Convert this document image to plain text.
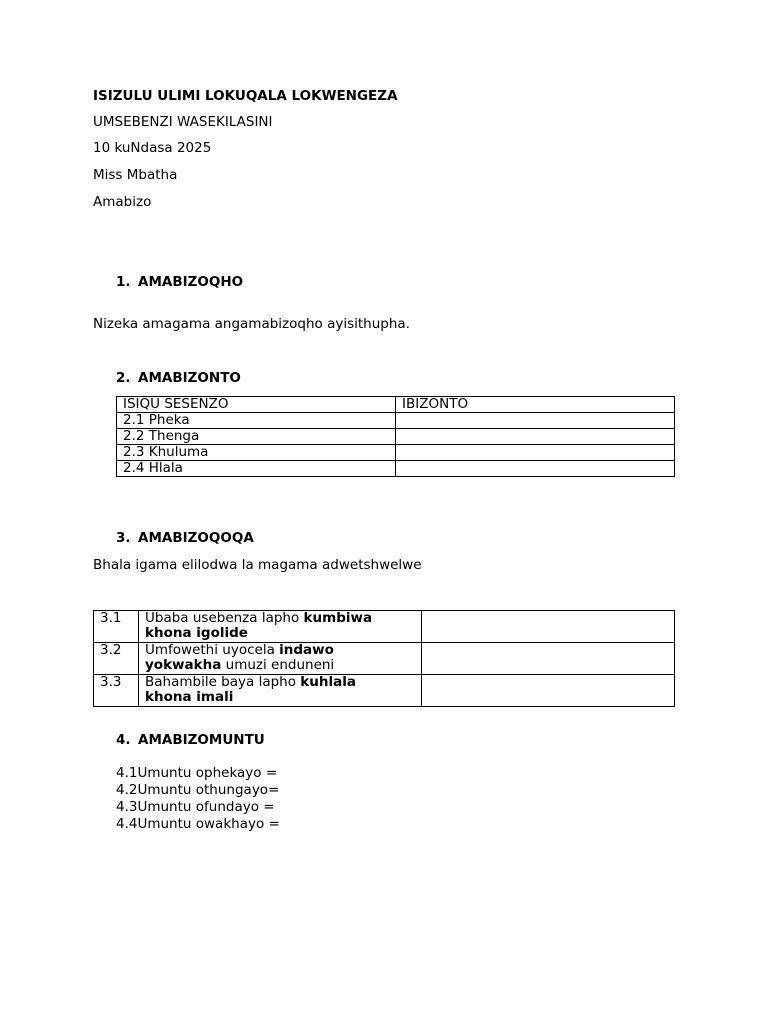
ISIZULU ULIMI LOKUQALA LOKWENGEZA
UMSEBENZI WASEKILASINI
10 kuNdasa 2025
Miss Mbatha
Amabizo
1. AMABIZOQHO
Nizeka amagama angamabizoqho ayisithupha.
2. AMABIZONTO
ISIQU SESENZO	IBIZONTO
2.1 Pheka	
2.2 Thenga	
2.3 Khuluma	
2.4 Hlala	
3. AMABIZOQOQA
Bhala igama elilodwa la magama adwetshwelwe
3.1	Ubaba usebenza lapho kumbiwa
khona igolide	
3.2	Umfowethi uyocela indawo
yokwakha umuzi enduneni	
3.3	Bahambile baya lapho kuhlala
khona imali	
4. AMABIZOMUNTU
4.1Umuntu ophekayo =
4.2Umuntu othungayo=
4.3Umuntu ofundayo =
4.4Umuntu owakhayo =
